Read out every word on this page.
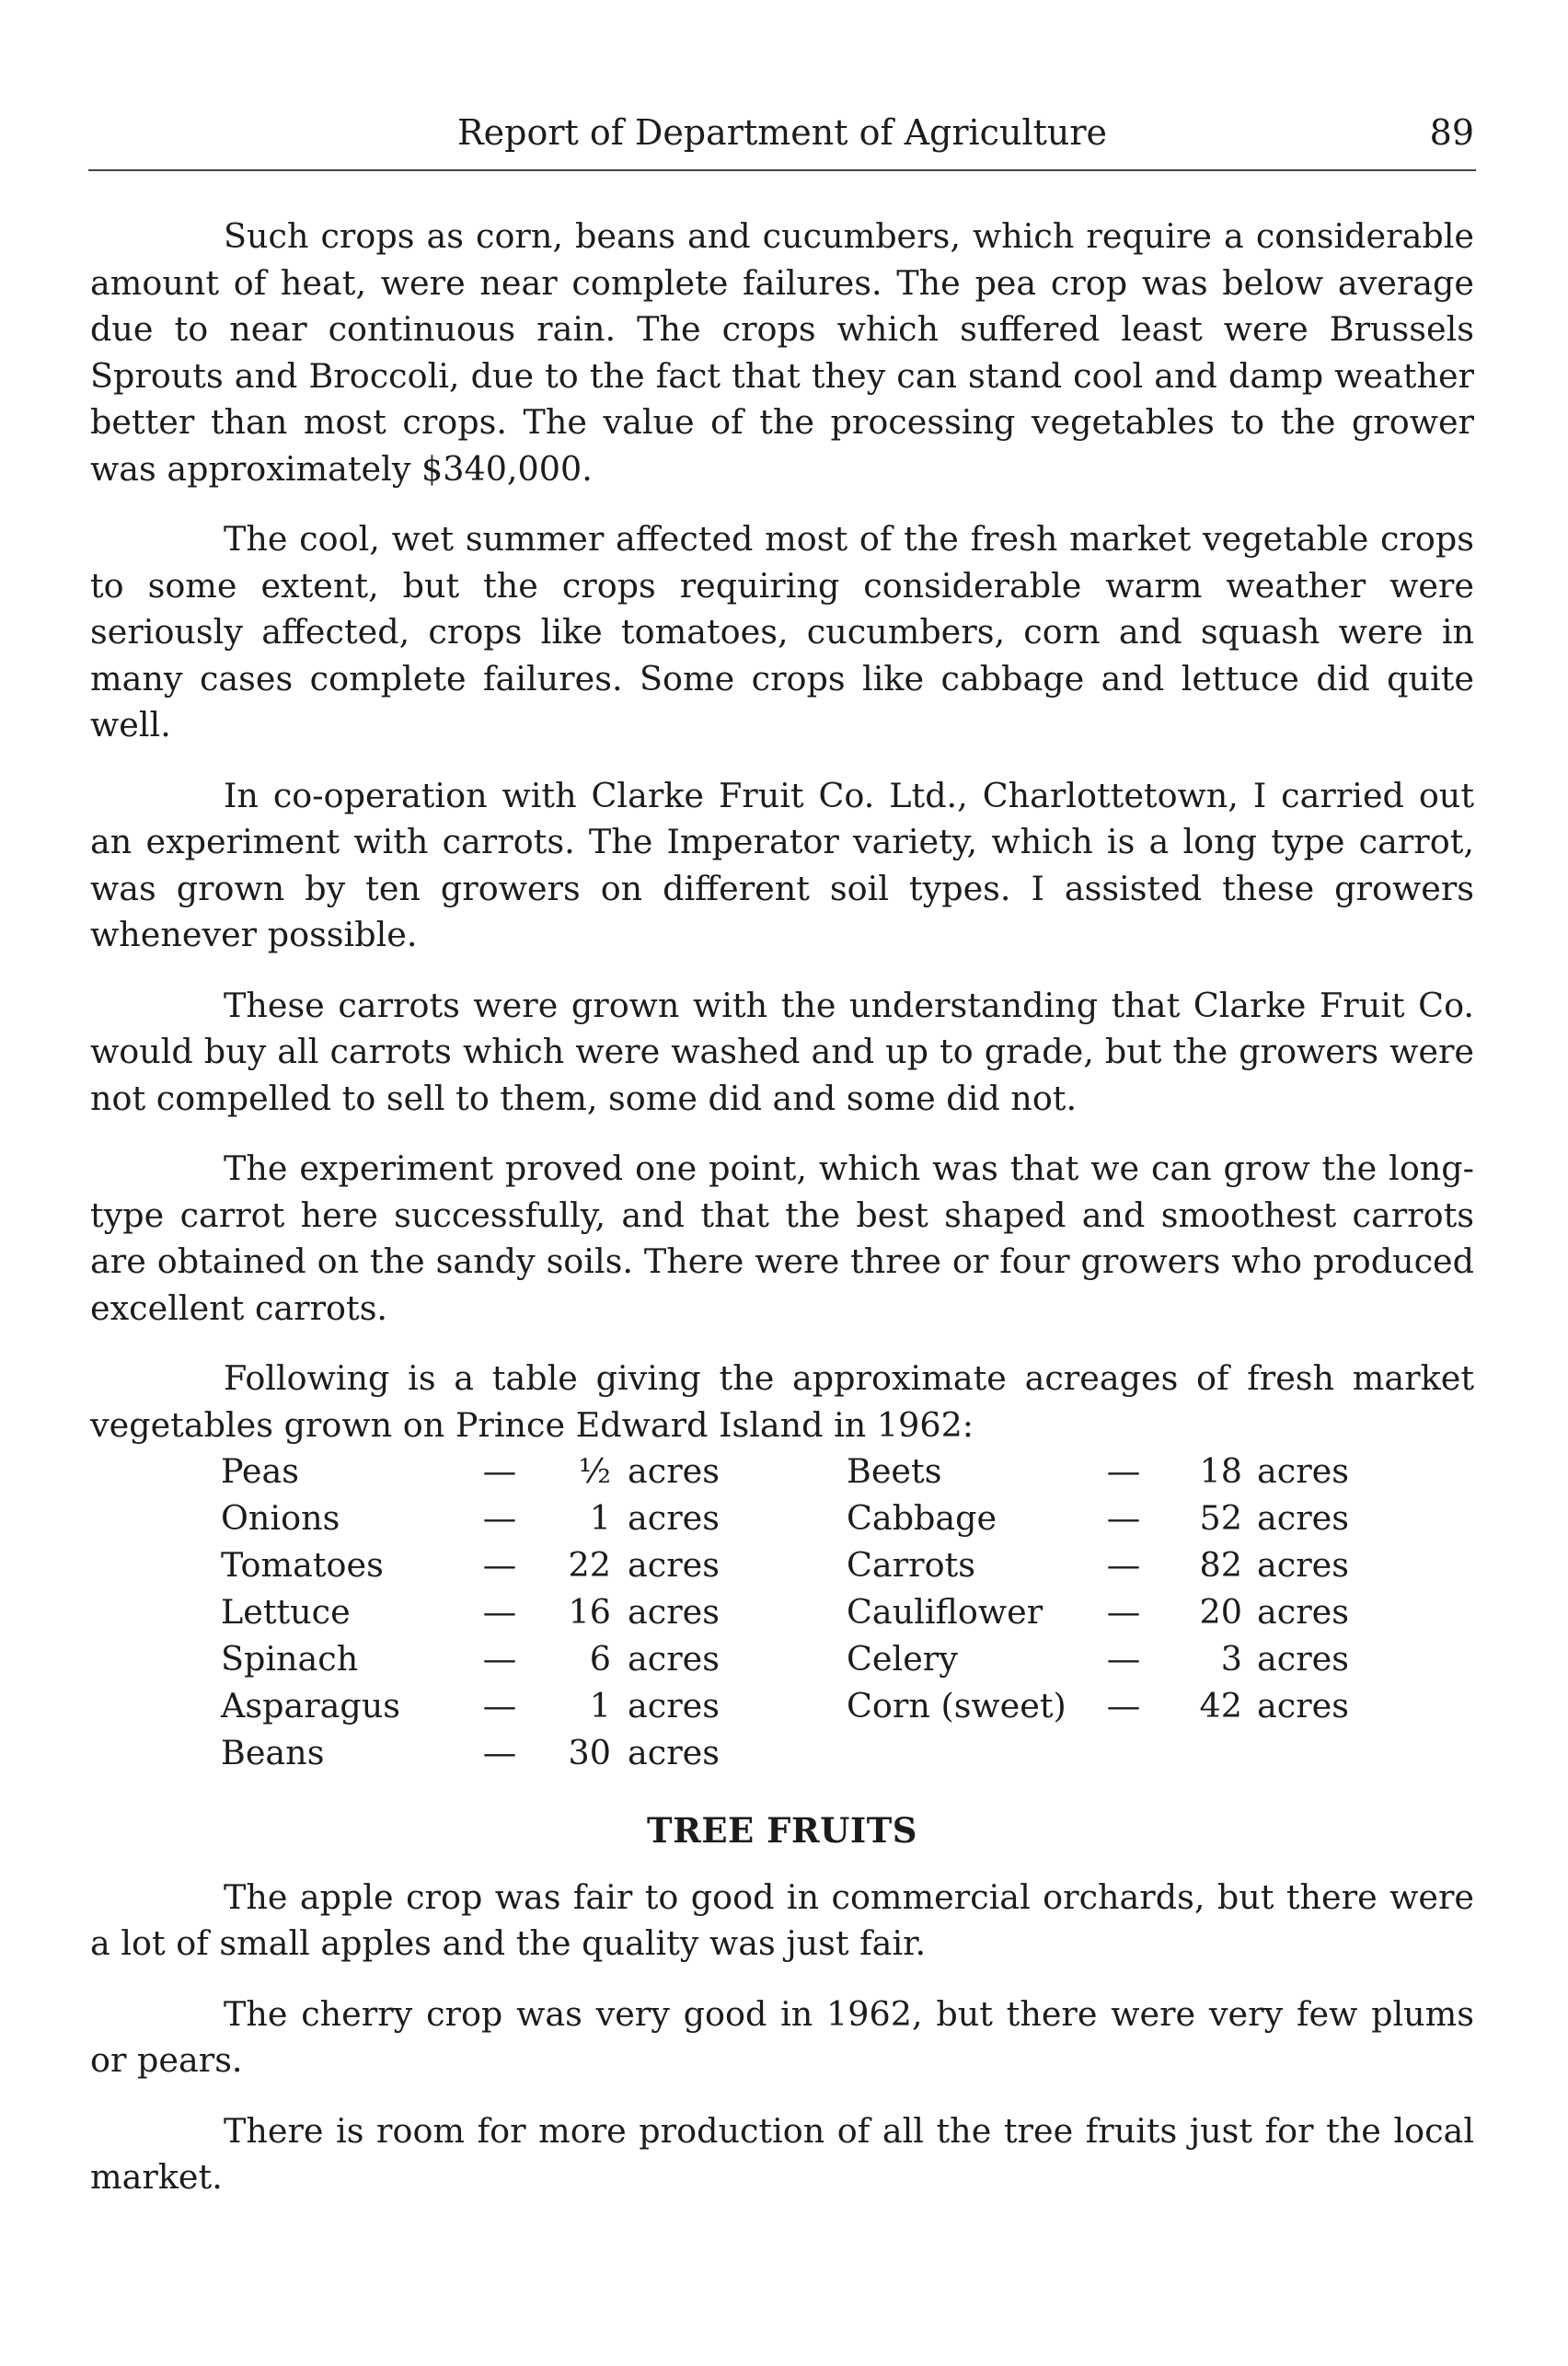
Report of Department of Agriculture	89

Such crops as corn, beans and cucumbers, which require a considerable amount of heat, were near complete failures. The pea crop was below average due to near continuous rain. The crops which suffered least were Brussels Sprouts and Broccoli, due to the fact that they can stand cool and damp weather better than most crops. The value of the processing vegetables to the grower was approximately $340,000.

The cool, wet summer affected most of the fresh market vegetable crops to some extent, but the crops requiring considerable warm weather were seriously affected, crops like tomatoes, cucumbers, corn and squash were in many cases complete failures. Some crops like cabbage and lettuce did quite well.

In co-operation with Clarke Fruit Co. Ltd., Charlottetown, I carried out an experiment with carrots. The Imperator variety, which is a long type carrot, was grown by ten growers on different soil types. I assisted these growers whenever possible.

These carrots were grown with the understanding that Clarke Fruit Co. would buy all carrots which were washed and up to grade, but the growers were not compelled to sell to them, some did and some did not.

The experiment proved one point, which was that we can grow the long-type carrot here successfully, and that the best shaped and smoothest carrots are obtained on the sandy soils. There were three or four growers who produced excellent carrots.

Following is a table giving the approximate acreages of fresh market vegetables grown on Prince Edward Island in 1962:

Peas	—	½ acres	Beets	—	18 acres
Onions	—	1 acres	Cabbage	—	52 acres
Tomatoes	—	22 acres	Carrots	—	82 acres
Lettuce	—	16 acres	Cauliflower	—	20 acres
Spinach	—	6 acres	Celery	—	3 acres
Asparagus	—	1 acres	Corn (sweet)	—	42 acres
Beans	—	30 acres
TREE FRUITS

The apple crop was fair to good in commercial orchards, but there were a lot of small apples and the quality was just fair.

The cherry crop was very good in 1962, but there were very few plums or pears.

There is room for more production of all the tree fruits just for the local market.
